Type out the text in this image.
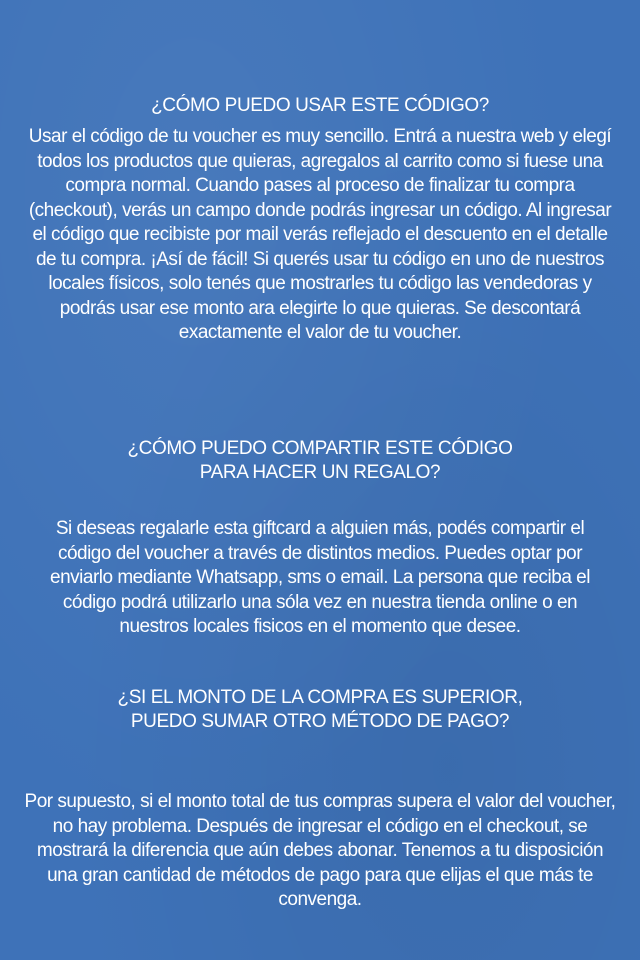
¿CÓMO PUEDO USAR ESTE CÓDIGO?

Usar el código de tu voucher es muy sencillo. Entrá a nuestra web y elegí todos los productos que quieras, agregalos al carrito como si fuese una compra normal. Cuando pases al proceso de finalizar tu compra (checkout), verás un campo donde podrás ingresar un código. Al ingresar el código que recibiste por mail verás reflejado el descuento en el detalle de tu compra. ¡Así de fácil! Si querés usar tu código en uno de nuestros locales físicos, solo tenés que mostrarles tu código las vendedoras y podrás usar ese monto ara elegirte lo que quieras. Se descontará exactamente el valor de tu voucher.

¿CÓMO PUEDO COMPARTIR ESTE CÓDIGO
PARA HACER UN REGALO?

Si deseas regalarle esta giftcard a alguien más, podés compartir el código del voucher a través de distintos medios. Puedes optar por enviarlo mediante Whatsapp, sms o email. La persona que reciba el código podrá utilizarlo una sóla vez en nuestra tienda online o en nuestros locales fisicos en el momento que desee.

¿SI EL MONTO DE LA COMPRA ES SUPERIOR,
PUEDO SUMAR OTRO MÉTODO DE PAGO?

Por supuesto, si el monto total de tus compras supera el valor del voucher, no hay problema. Después de ingresar el código en el checkout, se mostrará la diferencia que aún debes abonar. Tenemos a tu disposición una gran cantidad de métodos de pago para que elijas el que más te convenga.
